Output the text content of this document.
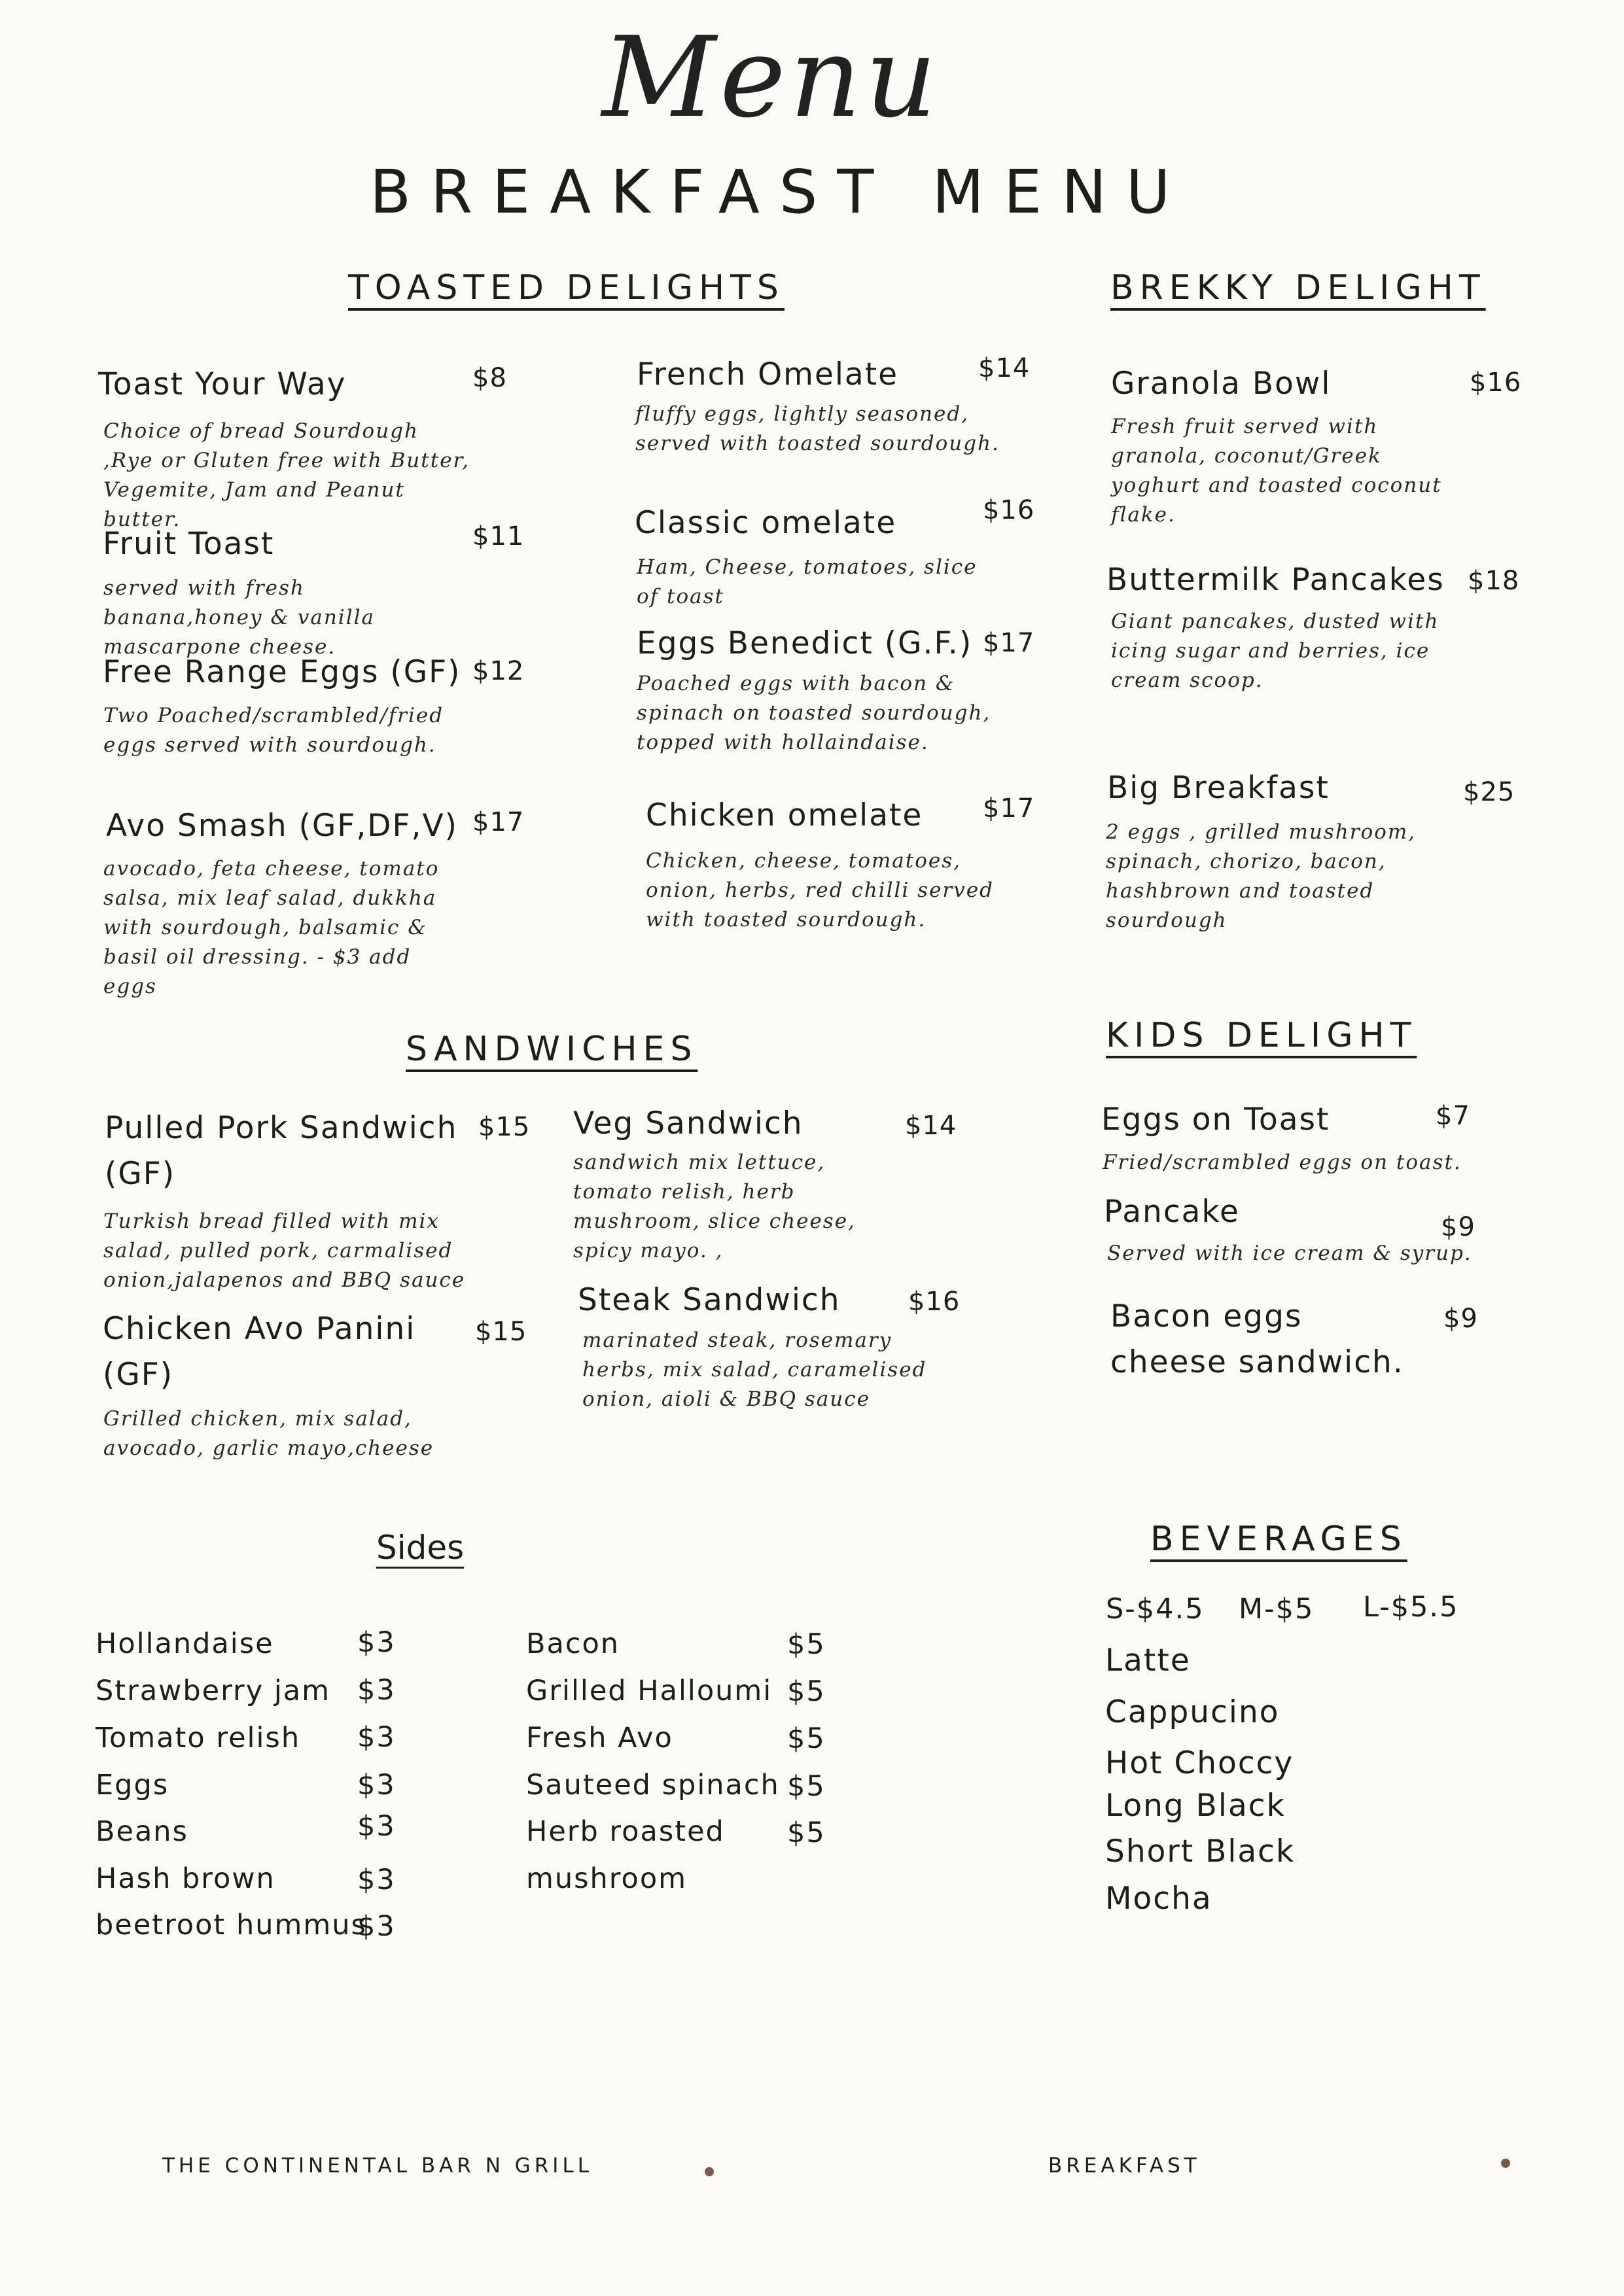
Menu
BREAKFAST MENU
TOASTED DELIGHTS
Toast Your Way	$8
Choice of bread Sourdough ,Rye or Gluten free with Butter, Vegemite, Jam and Peanut butter.
Fruit Toast	$11
served with fresh banana,honey & vanilla mascarpone cheese.
Free Range Eggs (GF) $12
Two Poached/scrambled/fried eggs served with sourdough.
Avo Smash (GF,DF,V) $17
avocado, feta cheese, tomato salsa, mix leaf salad, dukkha with sourdough, balsamic & basil oil dressing. - $3 add eggs
French Omelate	$14
fluffy eggs, lightly seasoned, served with toasted sourdough.
Classic omelate	$16
Ham, Cheese, tomatoes, slice of toast
Eggs Benedict (G.F.) $17
Poached eggs with bacon & spinach on toasted sourdough, topped with hollaindaise.
Chicken omelate $17
Chicken, cheese, tomatoes, onion, herbs, red chilli served with toasted sourdough.
BREKKY DELIGHT
Granola Bowl	$16
Fresh fruit served with granola, coconut/Greek yoghurt and toasted coconut flake.
Buttermilk Pancakes $18
Giant pancakes, dusted with icing sugar and berries, ice cream scoop.
Big Breakfast	$25
2 eggs , grilled mushroom, spinach, chorizo, bacon, hashbrown and toasted sourdough
SANDWICHES
Pulled Pork Sandwich (GF)
$15
Turkish bread filled with mix salad, pulled pork, carmalised onion,jalapenos and BBQ sauce
Chicken Avo Panini (GF)
$15
Grilled chicken, mix salad, avocado, garlic mayo,cheese
Veg Sandwich	$14
sandwich mix lettuce, tomato relish, herb mushroom, slice cheese, spicy mayo. ,
Steak Sandwich	$16
marinated steak, rosemary herbs, mix salad, caramelised onion, aioli & BBQ sauce
KIDS DELIGHT
Eggs on Toast	$7
Fried/scrambled eggs on toast.
Pancake	$9
Served with ice cream & syrup.
Bacon eggs cheese sandwich.
$9
Sides
Hollandaise	$3
Strawberry jam $3
Tomato relish $3
Eggs	$3
Beans	$3
Hash brown	$3
beetroot hummus
$3
Bacon	$5
Grilled Halloumi $5
Fresh Avo	$5
Sauteed spinach $5
Herb roasted $5
mushroom
BEVERAGES
S-$4.5 M-$5 L-$5.5
Latte
Cappucino
Hot Choccy
Long Black
Short Black
Mocha
THE CONTINENTAL BAR N GRILL	BREAKFAST
